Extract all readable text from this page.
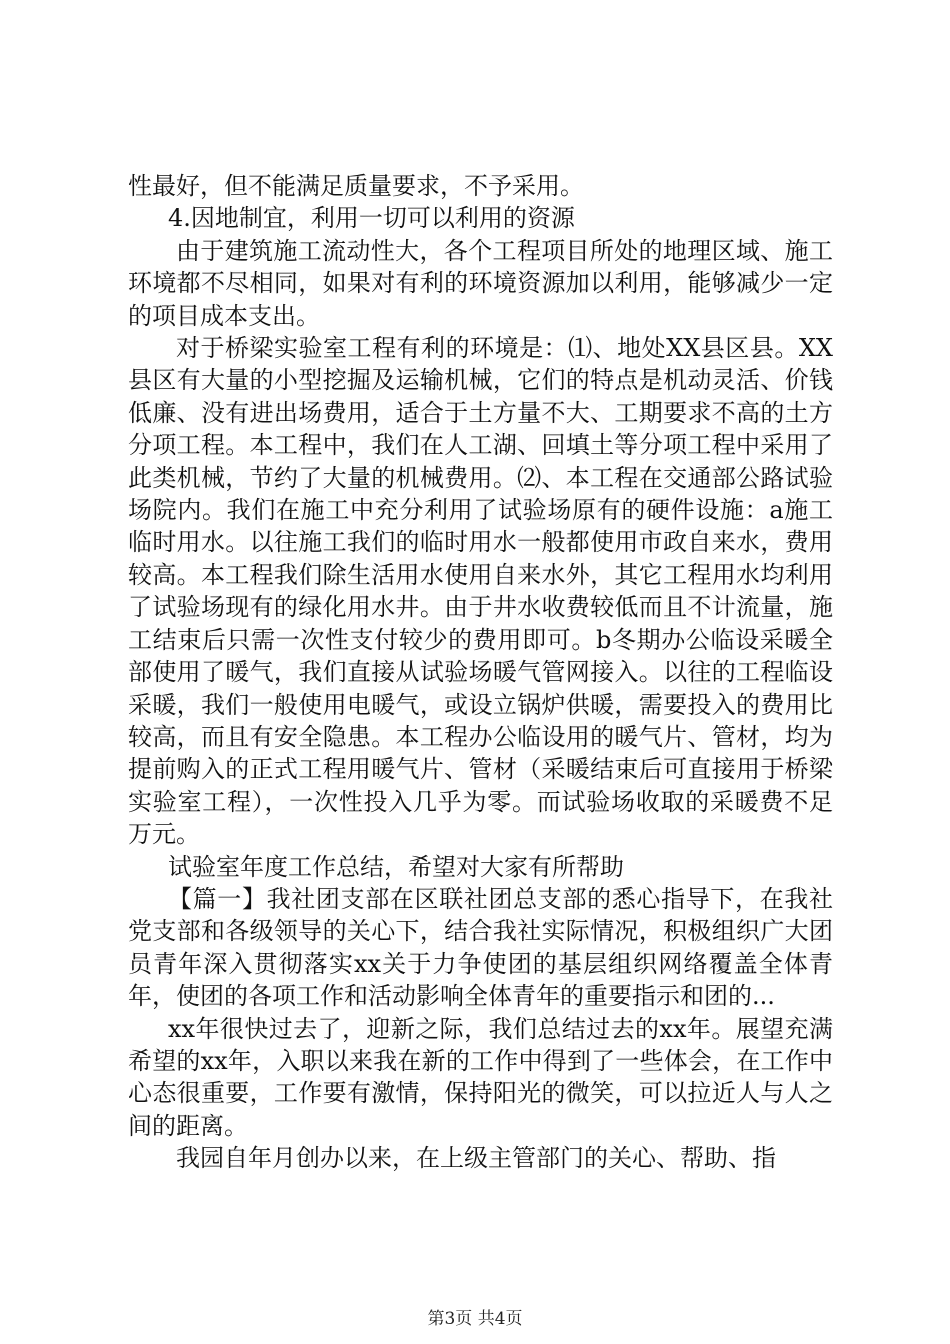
性最好，但不能满足质量要求，不予采用。

4.因地制宜，利用一切可以利用的资源

由于建筑施工流动性大，各个工程项目所处的地理区域、施工环境都不尽相同，如果对有利的环境资源加以利用，能够减少一定的项目成本支出。

对于桥梁实验室工程有利的环境是：⑴、地处XX县区县。XX县区有大量的小型挖掘及运输机械，它们的特点是机动灵活、价钱低廉、没有进出场费用，适合于土方量不大、工期要求不高的土方分项工程。本工程中，我们在人工湖、回填土等分项工程中采用了此类机械，节约了大量的机械费用。⑵、本工程在交通部公路试验场院内。我们在施工中充分利用了试验场原有的硬件设施：a施工临时用水。以往施工我们的临时用水一般都使用市政自来水，费用较高。本工程我们除生活用水使用自来水外，其它工程用水均利用了试验场现有的绿化用水井。由于井水收费较低而且不计流量，施工结束后只需一次性支付较少的费用即可。b冬期办公临设采暖全部使用了暖气，我们直接从试验场暖气管网接入。以往的工程临设采暖，我们一般使用电暖气，或设立锅炉供暖，需要投入的费用比较高，而且有安全隐患。本工程办公临设用的暖气片、管材，均为提前购入的正式工程用暖气片、管材（采暖结束后可直接用于桥梁实验室工程），一次性投入几乎为零。而试验场收取的采暖费不足万元。

试验室年度工作总结，希望对大家有所帮助

【篇一】我社团支部在区联社团总支部的悉心指导下，在我社党支部和各级领导的关心下，结合我社实际情况，积极组织广大团员青年深入贯彻落实xx关于力争使团的基层组织网络覆盖全体青年，使团的各项工作和活动影响全体青年的重要指示和团的...

xx年很快过去了，迎新之际，我们总结过去的xx年。展望充满希望的xx年，入职以来我在新的工作中得到了一些体会，在工作中心态很重要，工作要有激情，保持阳光的微笑，可以拉近人与人之间的距离。

我园自年月创办以来，在上级主管部门的关心、帮助、指

第3页 共4页
